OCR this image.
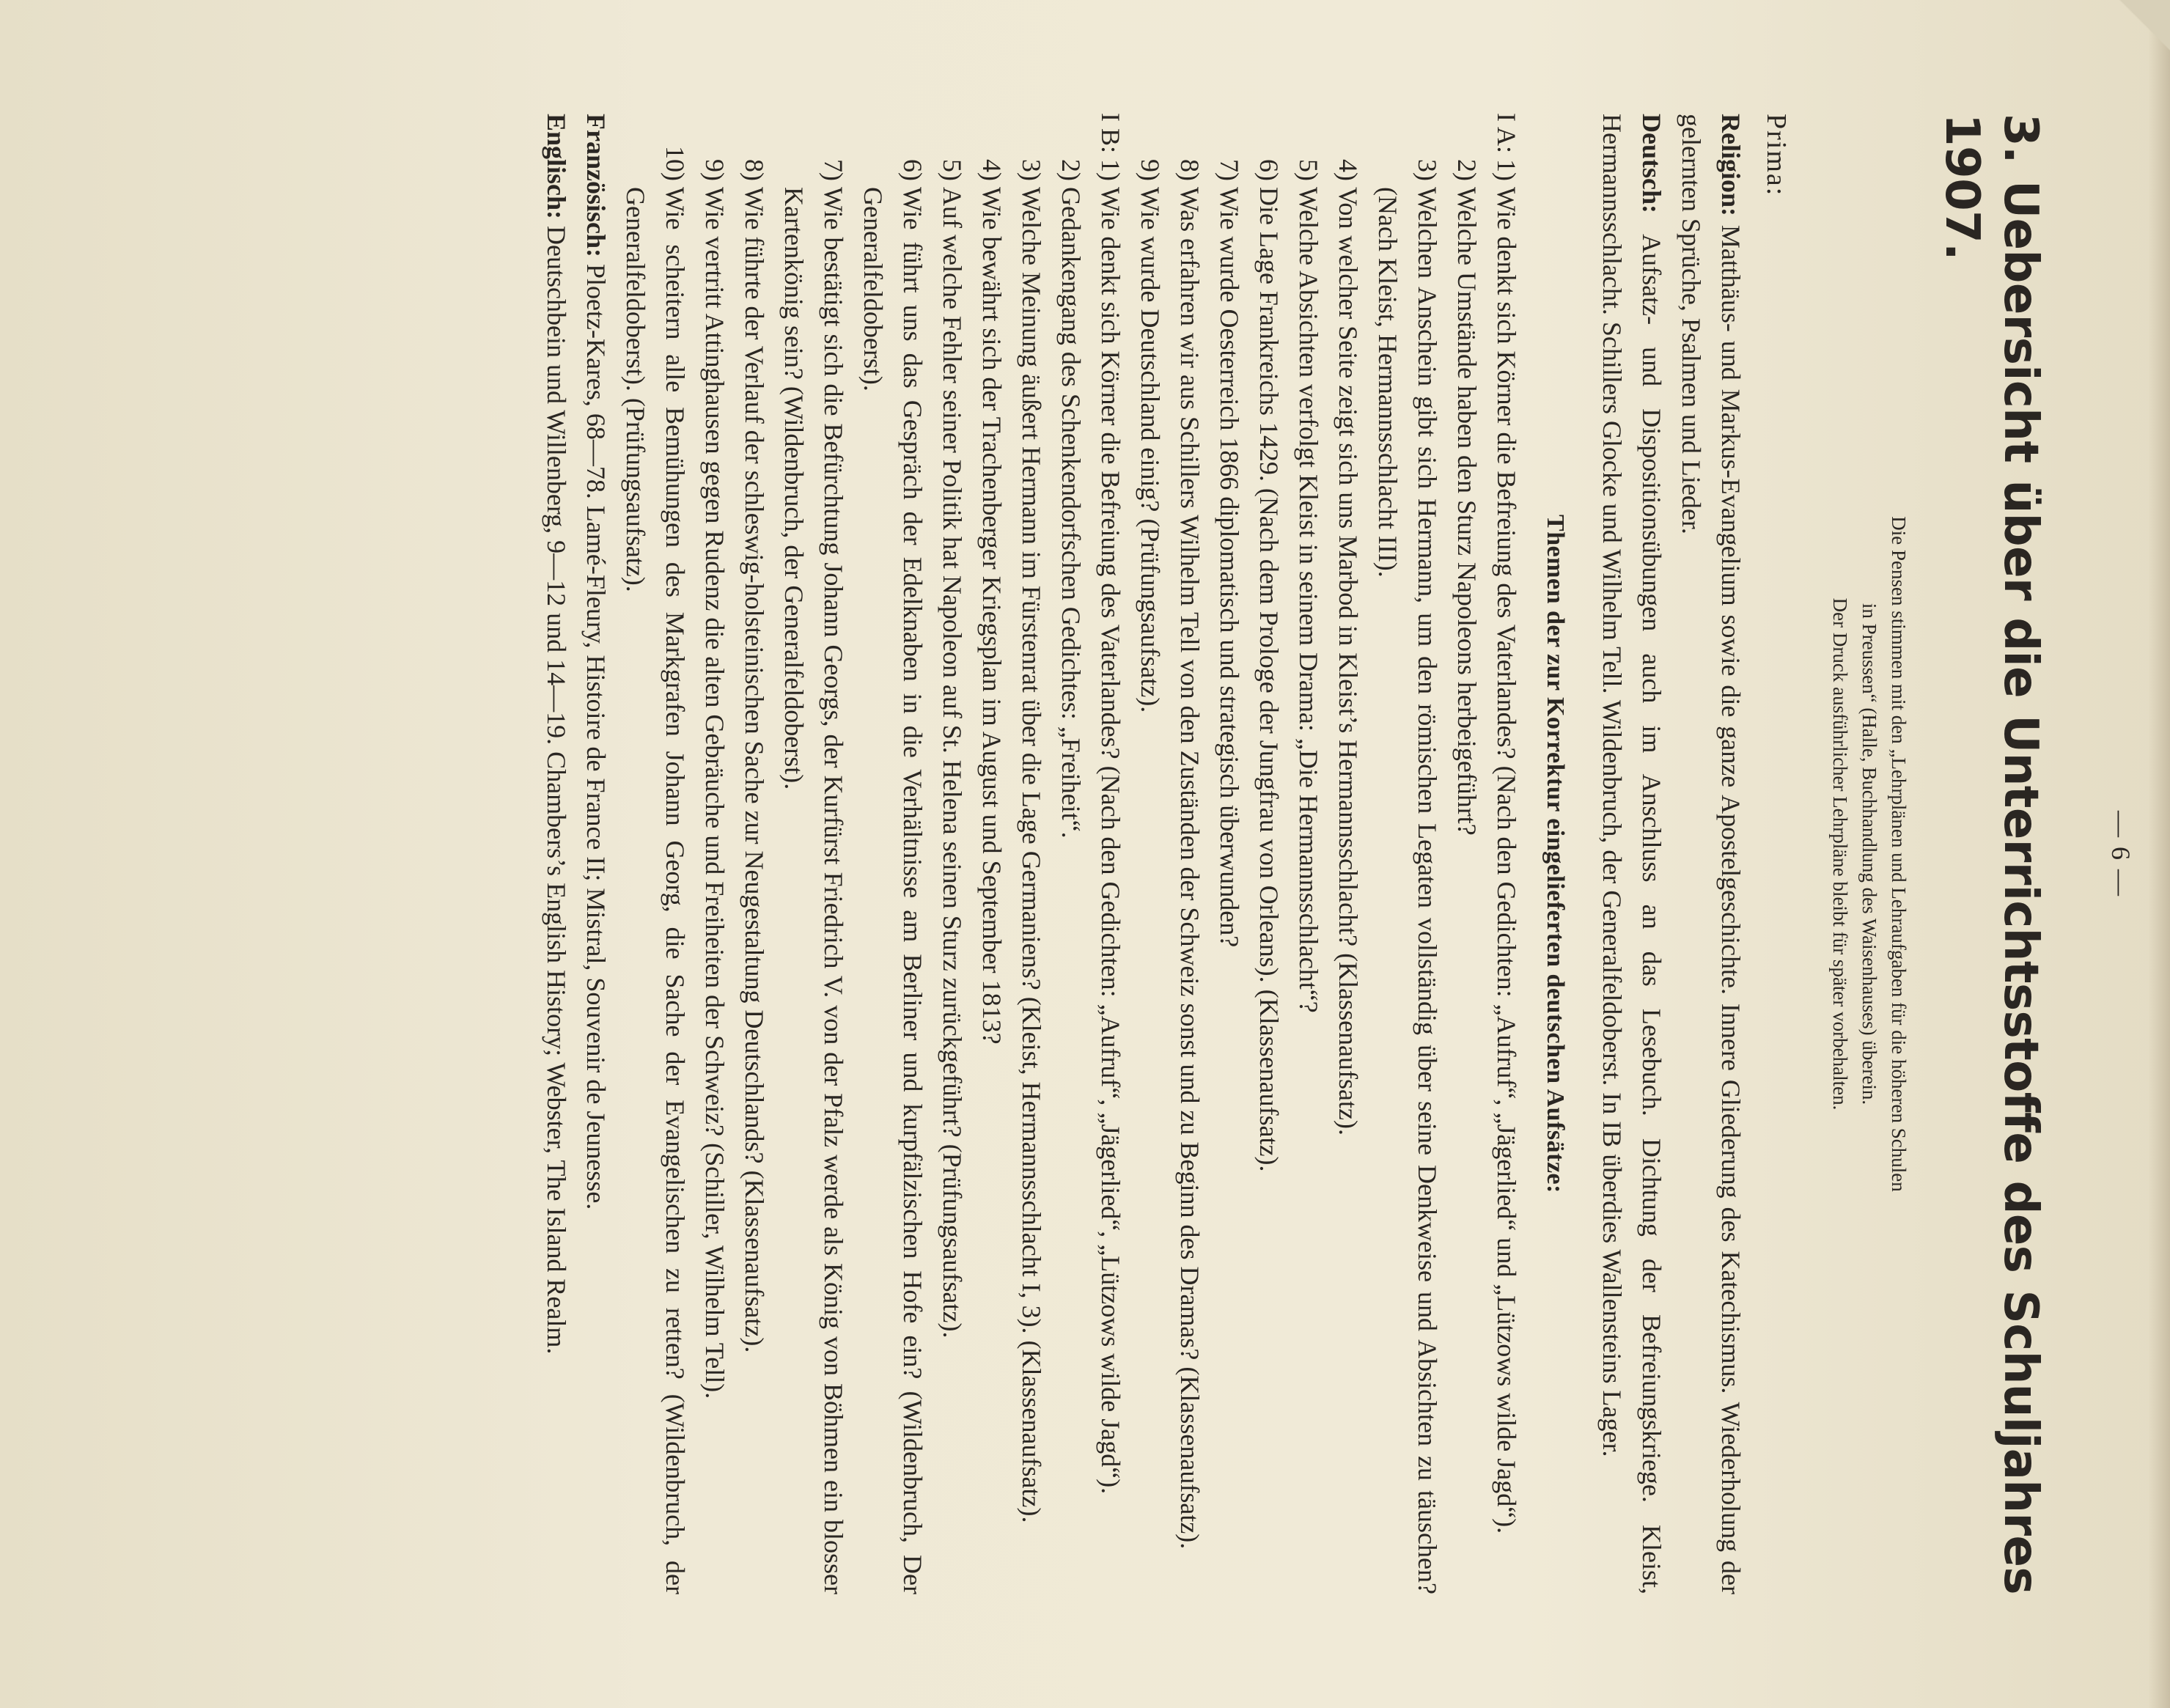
— 6 —
3. Uebersicht über die Unterrichtsstoffe des Schuljahres 1907.
Die Pensen stimmen mit den „Lehrplänen und Lehraufgaben für die höheren Schulen
in Preussen“ (Halle, Buchhandlung des Waisenhauses) überein.
Der Druck ausführlicher Lehrpläne bleibt für später vorbehalten.
Prima:

Religion: Matthäus- und Markus-Evangelium sowie die ganze Apostelgeschichte. Innere Gliederung des Katechismus. Wiederholung der gelernten Sprüche, Psalmen und Lieder.

Deutsch: Aufsatz- und Dispositionsübungen auch im Anschluss an das Lesebuch. Dichtung der Befreiungskriege. Kleist, Hermannsschlacht. Schillers Glocke und Wilhelm Tell. Wildenbruch, der Generalfeldoberst. In IB überdies Wallensteins Lager.

Themen der zur Korrektur eingelieferten deutschen Aufsätze:
I A:
1)
Wie denkt sich Körner die Befreiung des Vaterlandes? (Nach den Gedichten: „Aufruf“, „Jägerlied“ und „Lützows wilde Jagd“).
2)
Welche Umstände haben den Sturz Napoleons herbeigeführt?
3)
Welchen Anschein gibt sich Hermann, um den römischen Legaten vollständig über seine Denkweise und Absichten zu täuschen? (Nach Kleist, Hermannsschlacht III).
4)
Von welcher Seite zeigt sich uns Marbod in Kleist’s Hermannsschlacht? (Klassenaufsatz).
5)
Welche Absichten verfolgt Kleist in seinem Drama: „Die Hermannsschlacht“?
6)
Die Lage Frankreichs 1429. (Nach dem Prologe der Jungfrau von Orleans). (Klassenaufsatz).
7)
Wie wurde Oesterreich 1866 diplomatisch und strategisch überwunden?
8)
Was erfahren wir aus Schillers Wilhelm Tell von den Zuständen der Schweiz sonst und zu Beginn des Dramas? (Klassenaufsatz).
9)
Wie wurde Deutschland einig? (Prüfungsaufsatz).
I B:
1)
Wie denkt sich Körner die Befreiung des Vaterlandes? (Nach den Gedichten: „Aufruf“, „Jägerlied“, „Lützows wilde Jagd“).
2)
Gedankengang des Schenkendorfschen Gedichtes: „Freiheit“.
3)
Welche Meinung äußert Hermann im Fürstenrat über die Lage Germaniens? (Kleist, Hermannsschlacht I, 3). (Klassenaufsatz).
4)
Wie bewährt sich der Trachenberger Kriegsplan im August und September 1813?
5)
Auf welche Fehler seiner Politik hat Napoleon auf St. Helena seinen Sturz zurückgeführt? (Prüfungsaufsatz).
6)
Wie führt uns das Gespräch der Edelknaben in die Verhältnisse am Berliner und kurpfälzischen Hofe ein? (Wildenbruch, Der Generalfeldoberst).
7)
Wie bestätigt sich die Befürchtung Johann Georgs, der Kurfürst Friedrich V. von der Pfalz werde als König von Böhmen ein blosser Kartenkönig sein? (Wildenbruch, der Generalfeldoberst).
8)
Wie führte der Verlauf der schleswig-holsteinischen Sache zur Neugestaltung Deutschlands? (Klassenaufsatz).
9)
Wie vertritt Attinghausen gegen Rudenz die alten Gebräuche und Freiheiten der Schweiz? (Schiller, Wilhelm Tell).
10)
Wie scheitern alle Bemühungen des Markgrafen Johann Georg, die Sache der Evangelischen zu retten? (Wildenbruch, der Generalfeldoberst). (Prüfungsaufsatz).

Französisch: Ploetz-Kares, 68—78. Lamé-Fleury, Histoire de France II; Mistral, Souvenir de Jeunesse.

Englisch: Deutschbein und Willenberg, 9—12 und 14—19. Chambers’s English History; Webster, The Island Realm.
